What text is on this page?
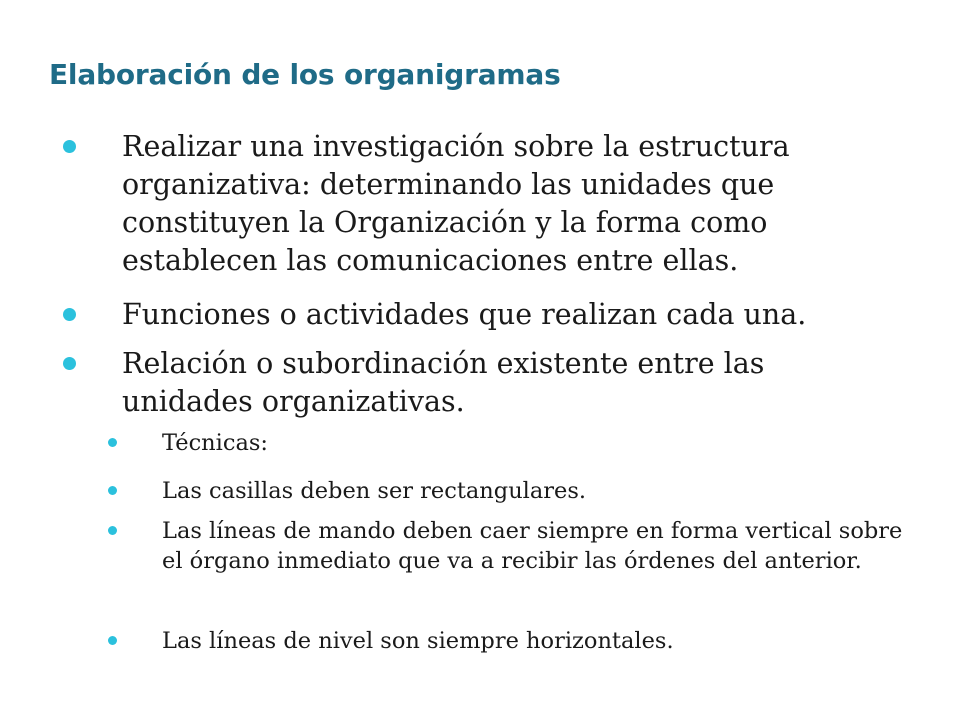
Elaboración de los organigramas
Realizar una investigación sobre la estructura organizativa: determinando las unidades que constituyen la Organización y la forma como establecen las comunicaciones entre ellas.
Funciones o actividades que realizan cada una.
Relación o subordinación existente entre las unidades organizativas.
Técnicas:
Las casillas deben ser rectangulares.
Las líneas de mando deben caer siempre en forma vertical sobre el órgano inmediato que va a recibir las órdenes del anterior.
Las líneas de nivel son siempre horizontales.
